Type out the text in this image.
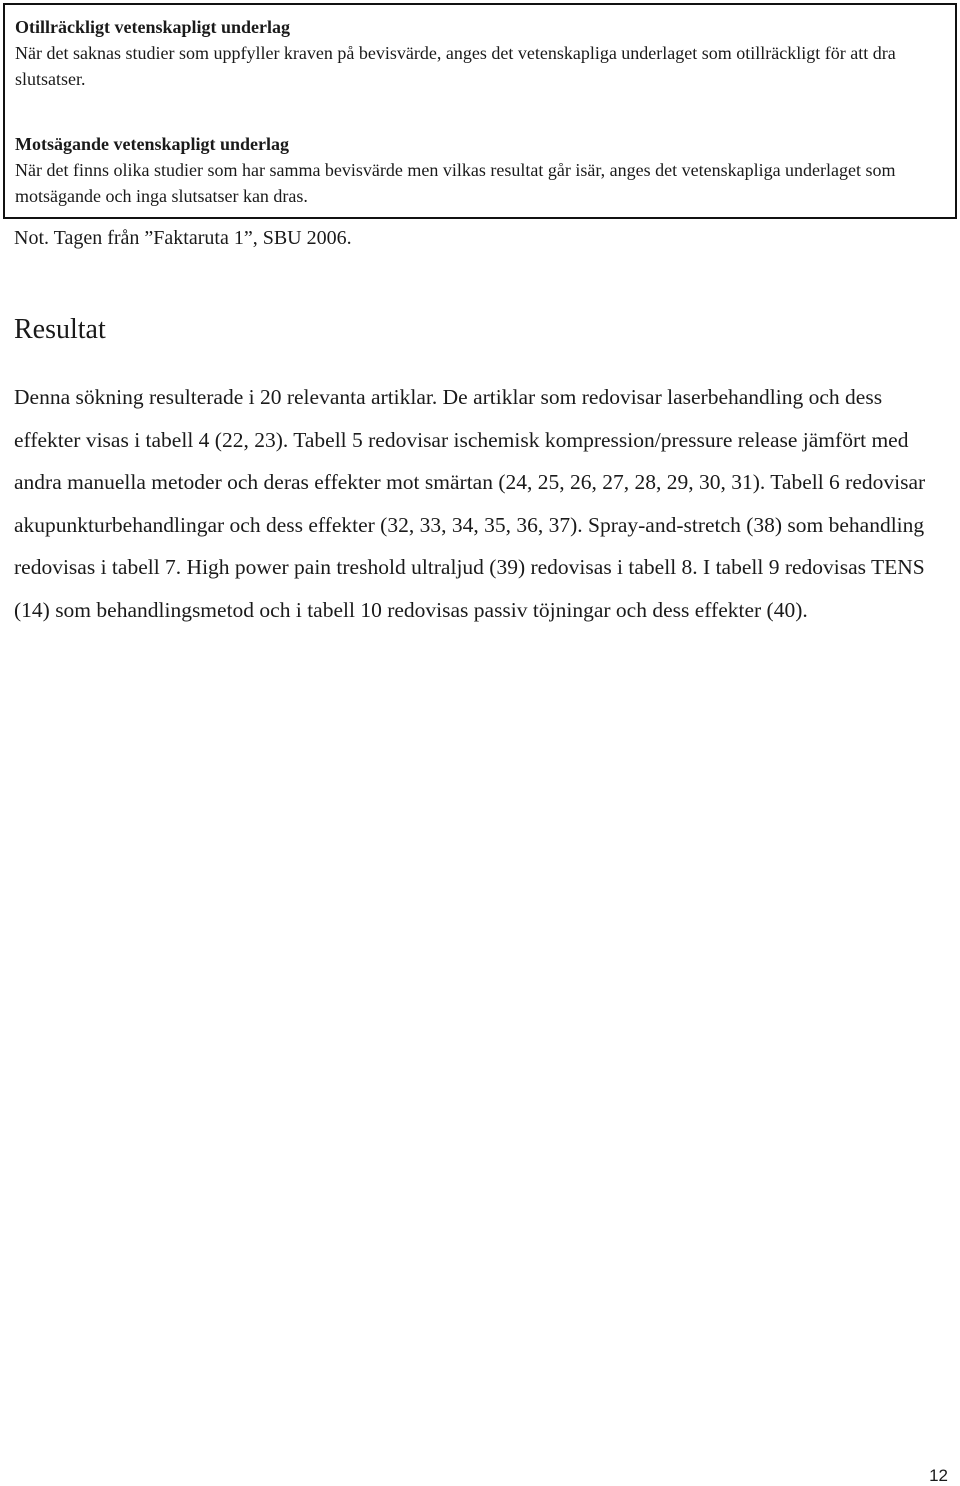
Otillräckligt vetenskapligt underlag
När det saknas studier som uppfyller kraven på bevisvärde, anges det vetenskapliga underlaget som otillräckligt för att dra slutsatser.
Motsägande vetenskapligt underlag
När det finns olika studier som har samma bevisvärde men vilkas resultat går isär, anges det vetenskapliga underlaget som motsägande och inga slutsatser kan dras.
Not. Tagen från ”Faktaruta 1”, SBU 2006.
Resultat

Denna sökning resulterade i 20 relevanta artiklar. De artiklar som redovisar laserbehandling och dess effekter visas i tabell 4 (22, 23). Tabell 5 redovisar ischemisk kompression/pressure release jämfört med andra manuella metoder och deras effekter mot smärtan (24, 25, 26, 27, 28, 29, 30, 31). Tabell 6 redovisar akupunkturbehandlingar och dess effekter (32, 33, 34, 35, 36, 37). Spray-and-stretch (38) som behandling redovisas i tabell 7. High power pain treshold ultraljud (39) redovisas i tabell 8. I tabell 9 redovisas TENS (14) som behandlingsmetod och i tabell 10 redovisas passiv töjningar och dess effekter (40).

12
